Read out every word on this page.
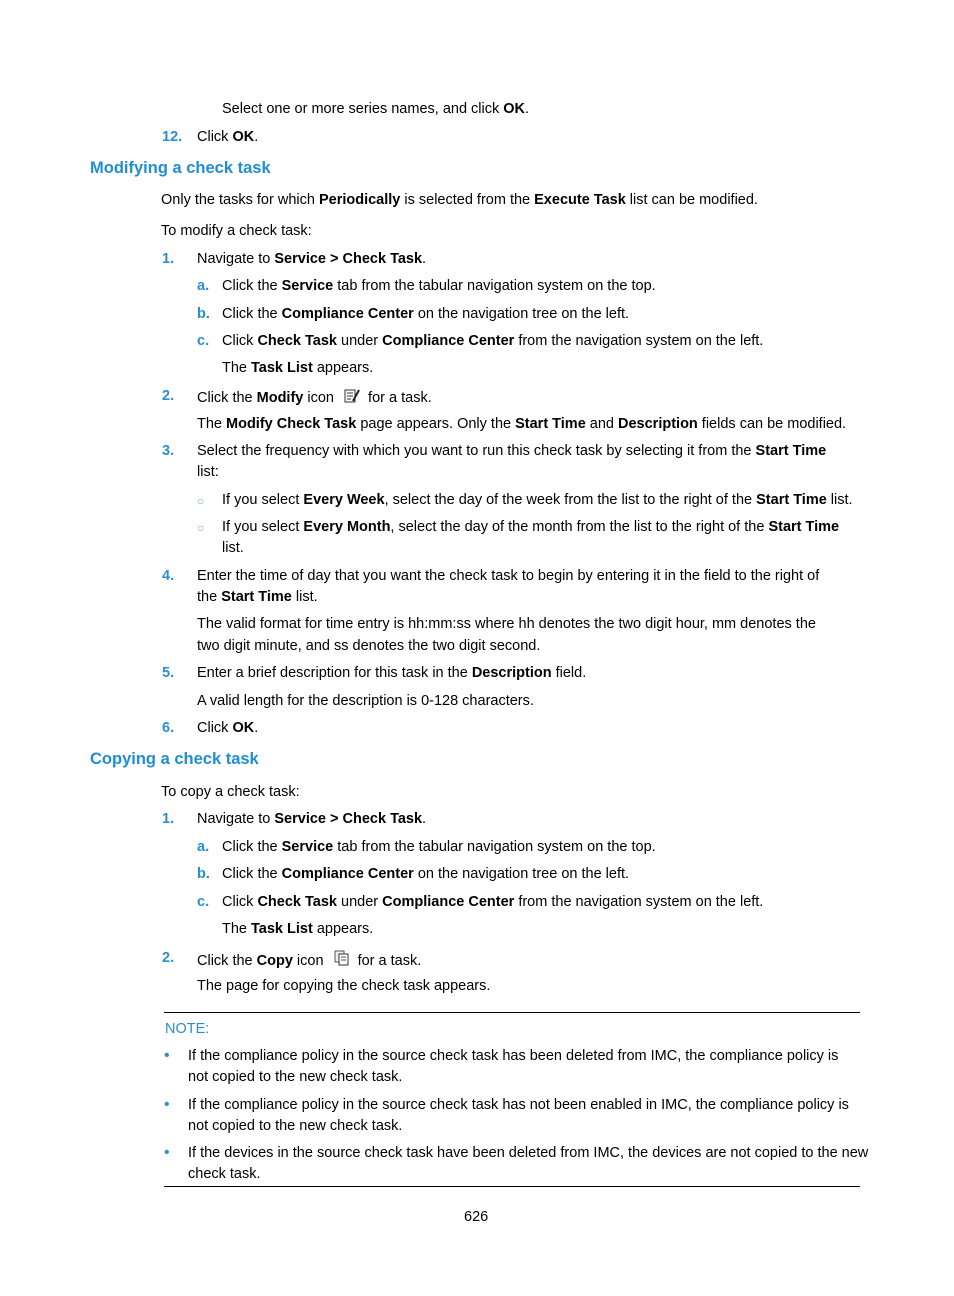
Select one or more series names, and click OK.
12. Click OK.
Modifying a check task
Only the tasks for which Periodically is selected from the Execute Task list can be modified.
To modify a check task:
1. Navigate to Service > Check Task.
a. Click the Service tab from the tabular navigation system on the top.
b. Click the Compliance Center on the navigation tree on the left.
c. Click Check Task under Compliance Center from the navigation system on the left.
The Task List appears.
2. Click the Modify icon
for a task.
The Modify Check Task page appears. Only the Start Time and Description fields can be modified.
3. Select the frequency with which you want to run this check task by selecting it from the Start Time
list:
○ If you select Every Week, select the day of the week from the list to the right of the Start Time list.
○ If you select Every Month, select the day of the month from the list to the right of the Start Time
list.
4. Enter the time of day that you want the check task to begin by entering it in the field to the right of
the Start Time list.
The valid format for time entry is hh:mm:ss where hh denotes the two digit hour, mm denotes the
two digit minute, and ss denotes the two digit second.
5. Enter a brief description for this task in the Description field.
A valid length for the description is 0-128 characters.
6. Click OK.
Copying a check task
To copy a check task:
1. Navigate to Service > Check Task.
a. Click the Service tab from the tabular navigation system on the top.
b. Click the Compliance Center on the navigation tree on the left.
c. Click Check Task under Compliance Center from the navigation system on the left.
The Task List appears.
2. Click the Copy icon
for a task.
The page for copying the check task appears.
NOTE:
• If the compliance policy in the source check task has been deleted from IMC, the compliance policy is
not copied to the new check task.
• If the compliance policy in the source check task has not been enabled in IMC, the compliance policy is
not copied to the new check task.
• If the devices in the source check task have been deleted from IMC, the devices are not copied to the new
check task.
626
